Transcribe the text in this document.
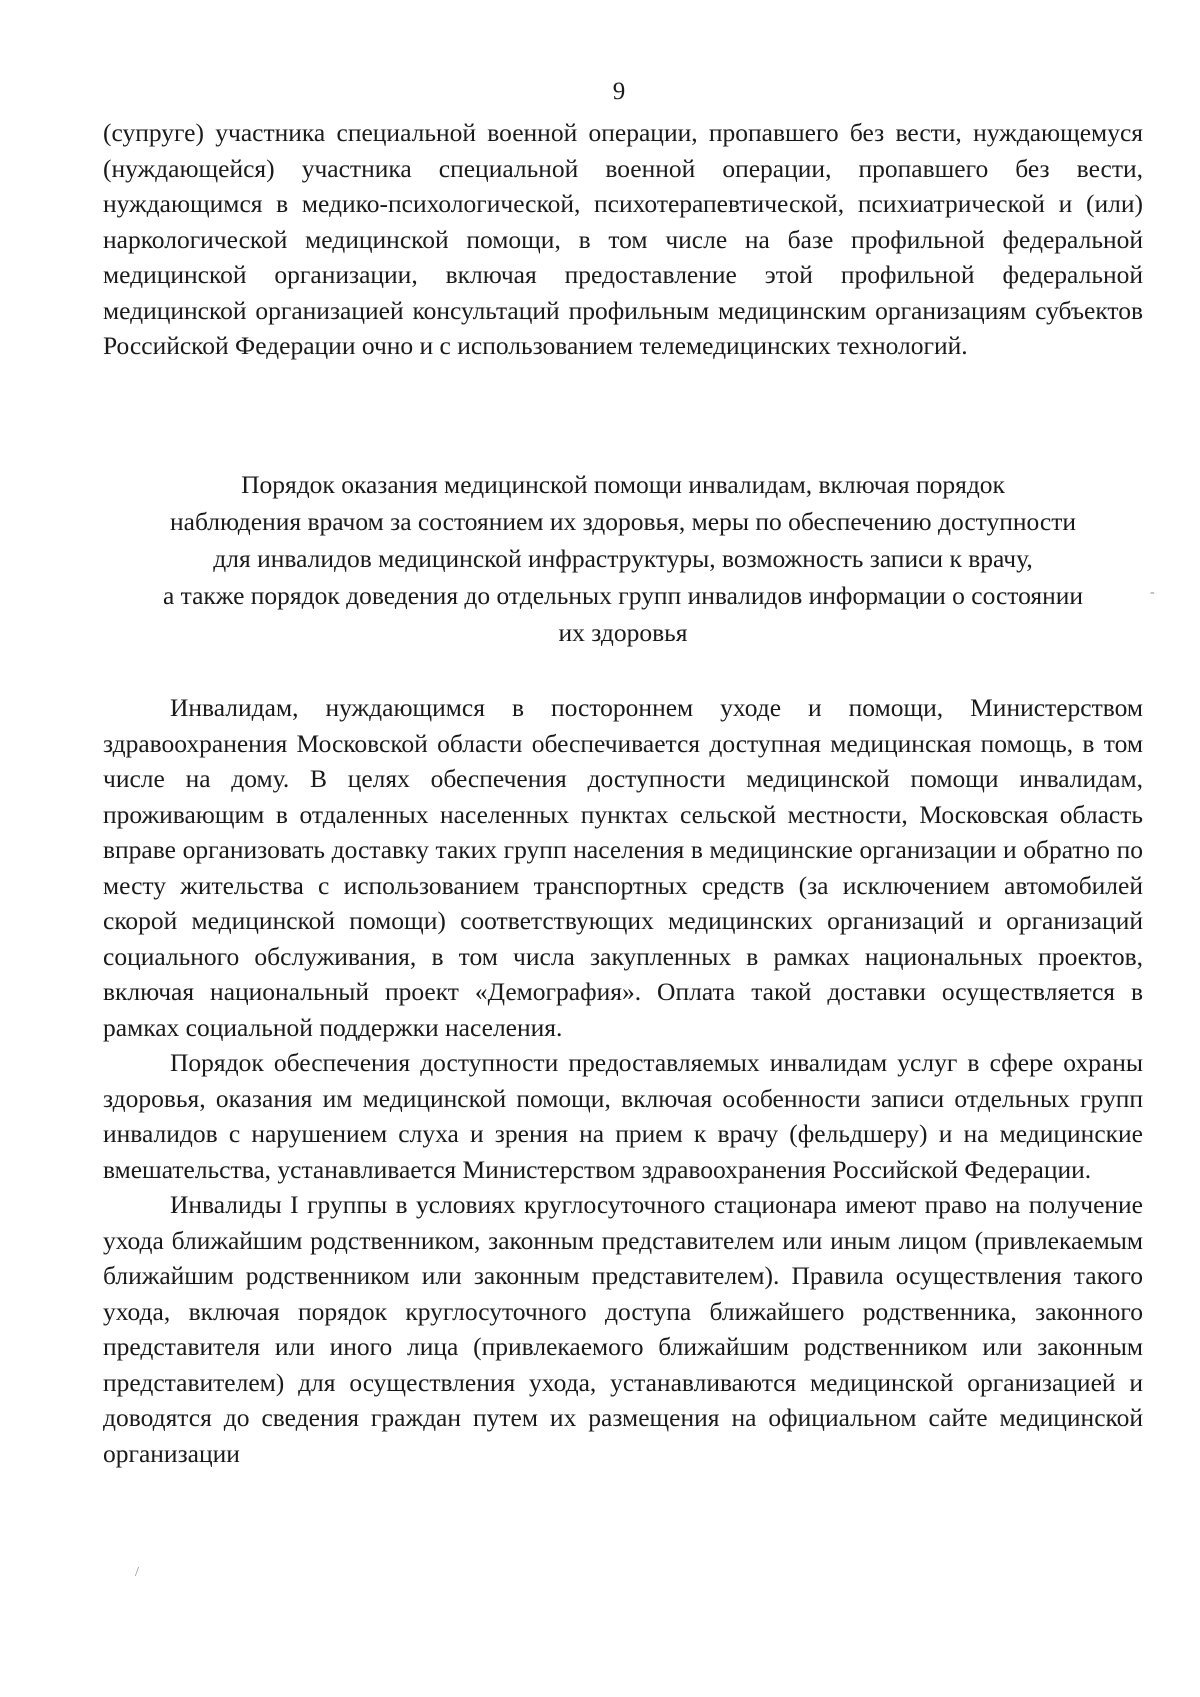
9

(супруге) участника специальной военной операции, пропавшего без вести, нуждающемуся (нуждающейся) участника специальной военной операции, пропавшего без вести, нуждающимся в медико-психологической, психотерапевтической, психиатрической и (или) наркологической медицинской помощи, в том числе на базе профильной федеральной медицинской организации, включая предоставление этой профильной федеральной медицинской организацией консультаций профильным медицинским организациям субъектов Российской Федерации очно и с использованием телемедицинских технологий.

Порядок оказания медицинской помощи инвалидам, включая порядок
наблюдения врачом за состоянием их здоровья, меры по обеспечению доступности
для инвалидов медицинской инфраструктуры, возможность записи к врачу,
а также порядок доведения до отдельных групп инвалидов информации о состоянии
их здоровья

Инвалидам, нуждающимся в постороннем уходе и помощи, Министерством здравоохранения Московской области обеспечивается доступная медицинская помощь, в том числе на дому. В целях обеспечения доступности медицинской помощи инвалидам, проживающим в отдаленных населенных пунктах сельской местности, Московская область вправе организовать доставку таких групп населения в медицинские организации и обратно по месту жительства с использованием транспортных средств (за исключением автомобилей скорой медицинской помощи) соответствующих медицинских организаций и организаций социального обслуживания, в том числа закупленных в рамках национальных проектов, включая национальный проект «Демография». Оплата такой доставки осуществляется в рамках социальной поддержки населения.

Порядок обеспечения доступности предоставляемых инвалидам услуг в сфере охраны здоровья, оказания им медицинской помощи, включая особенности записи отдельных групп инвалидов с нарушением слуха и зрения на прием к врачу (фельдшеру) и на медицинские вмешательства, устанавливается Министерством здравоохранения Российской Федерации.

Инвалиды I группы в условиях круглосуточного стационара имеют право на получение ухода ближайшим родственником, законным представителем или иным лицом (привлекаемым ближайшим родственником или законным представителем). Правила осуществления такого ухода, включая порядок круглосуточного доступа ближайшего родственника, законного представителя или иного лица (привлекаемого ближайшим родственником или законным представителем) для осуществления ухода, устанавливаются медицинской организацией и доводятся до сведения граждан путем их размещения на официальном сайте медицинской организации

-
/
